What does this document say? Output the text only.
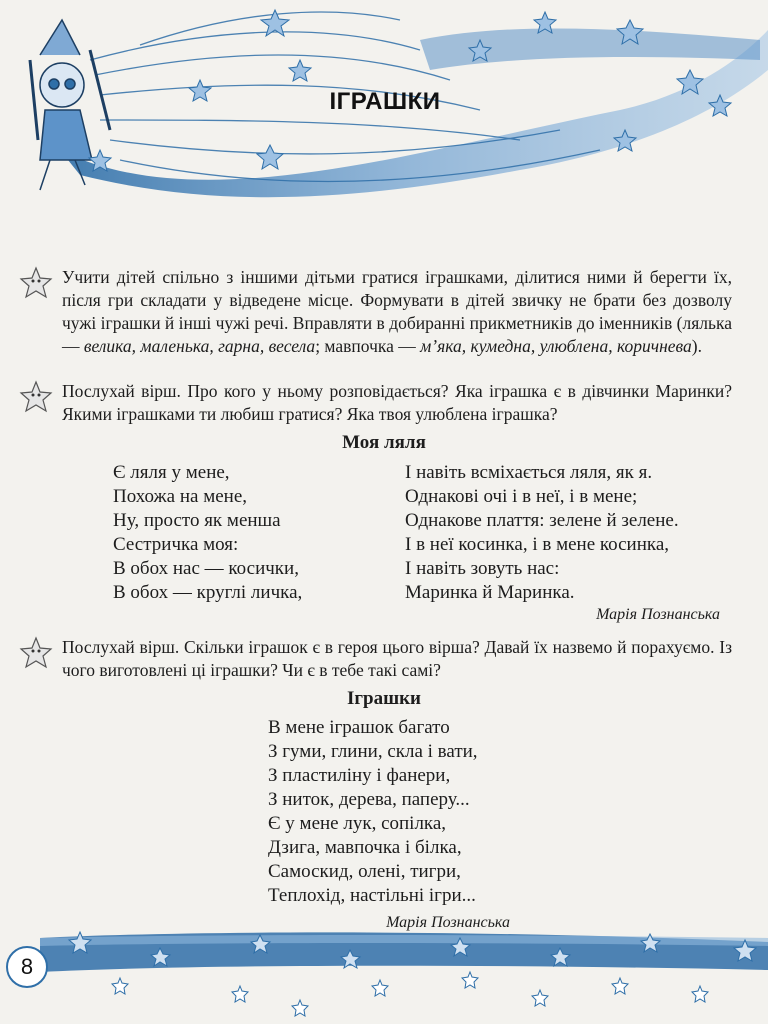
ІГРАШКИ
Учити дітей спільно з іншими дітьми гратися іграшками, ділитися ними й берегти їх, після гри складати у відведене місце. Формувати в дітей звичку не брати без дозволу чужі іграшки й інші чужі речі. Вправляти в добиранні прикметників до іменників (лялька — велика, маленька, гарна, весела; мавпочка — м’яка, кумедна, улюблена, коричнева).
Послухай вірш. Про кого у ньому розповідається? Яка іграшка є в дівчинки Маринки? Якими іграшками ти любиш гратися? Яка твоя улюблена іграшка?
Моя ляля
Є ляля у мене,
Похожа на мене,
Ну, просто як менша
Сестричка моя:
В обох нас — косички,
В обох — круглі личка,
І навіть всміхається ляля, як я.
Однакові очі і в неї, і в мене;
Однакове плаття: зелене й зелене.
І в неї косинка, і в мене косинка,
І навіть зовуть нас:
Маринка й Маринка.
Марія Познанська
Послухай вірш. Скільки іграшок є в героя цього вірша? Давай їх назвемо й порахуємо. Із чого виготовлені ці іграшки? Чи є в тебе такі самі?
Іграшки
В мене іграшок багато
З гуми, глини, скла і вати,
З пластиліну і фанери,
З ниток, дерева, паперу...
Є у мене лук, сопілка,
Дзига, мавпочка і білка,
Самоскид, олені, тигри,
Теплохід, настільні ігри...
Марія Познанська
8
